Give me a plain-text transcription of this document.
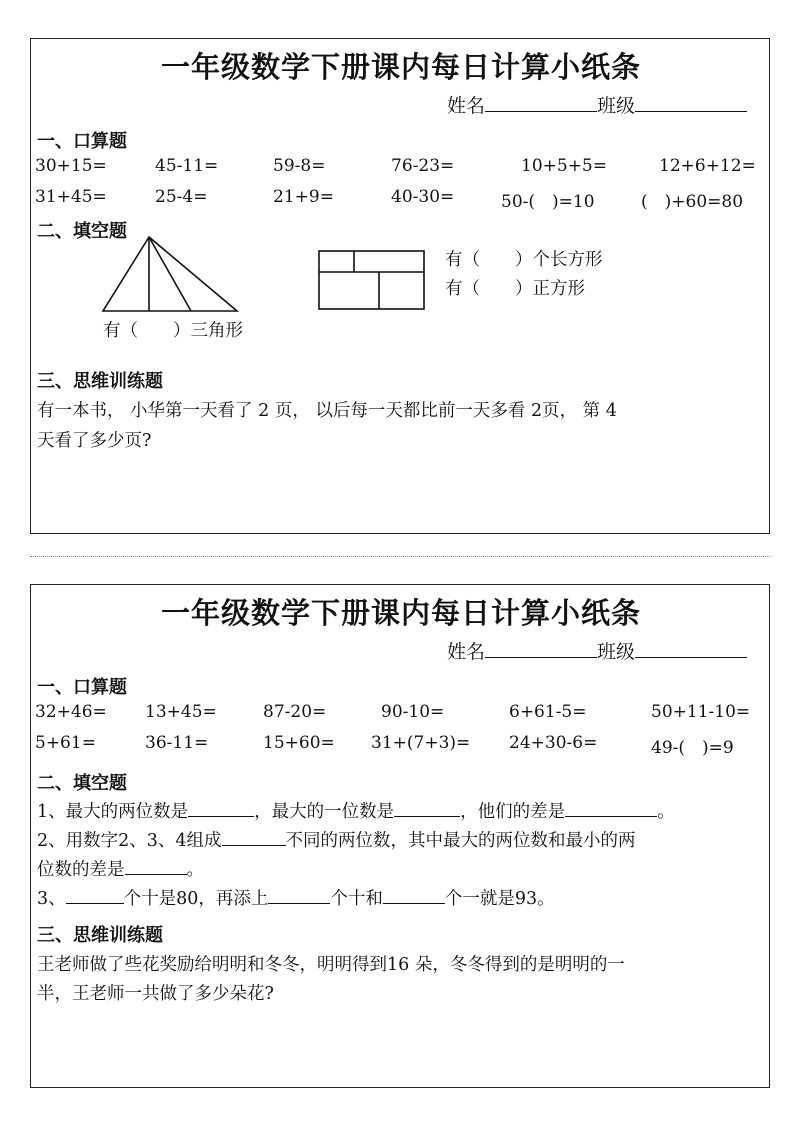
一年级数学下册课内每日计算小纸条
姓名	班级
一、口算题
30+15=	45-11=	59-8=	76-23=	10+5+5=	12+6+12=
31+45=	25-4=	21+9=	40-30=	50-(　)=10	(　)+60=80
二、填空题
有（　　）三角形
有（　　）个长方形
有（　　）正方形
三、思维训练题
有一本书， 小华第一天看了 2 页， 以后每一天都比前一天多看 2页， 第 4
天看了多少页?
一年级数学下册课内每日计算小纸条
姓名	班级
一、口算题
32+46= 13+45=	87-20=	90-10=	6+61-5=	50+11-10=
5+61=	36-11=	15+60= 31+(7+3)= 24+30-6=	49-(　)=9
二、填空题
1、最大的两位数是	，最大的一位数是	，他们的差是	。
2、用数字2、3、4组成	不同的两位数，其中最大的两位数和最小的两
位数的差是	。
3、	个十是80，再添上	个十和	个一就是93。
三、思维训练题
王老师做了些花奖励给明明和冬冬，明明得到16 朵，冬冬得到的是明明的一
半，王老师一共做了多少朵花?
